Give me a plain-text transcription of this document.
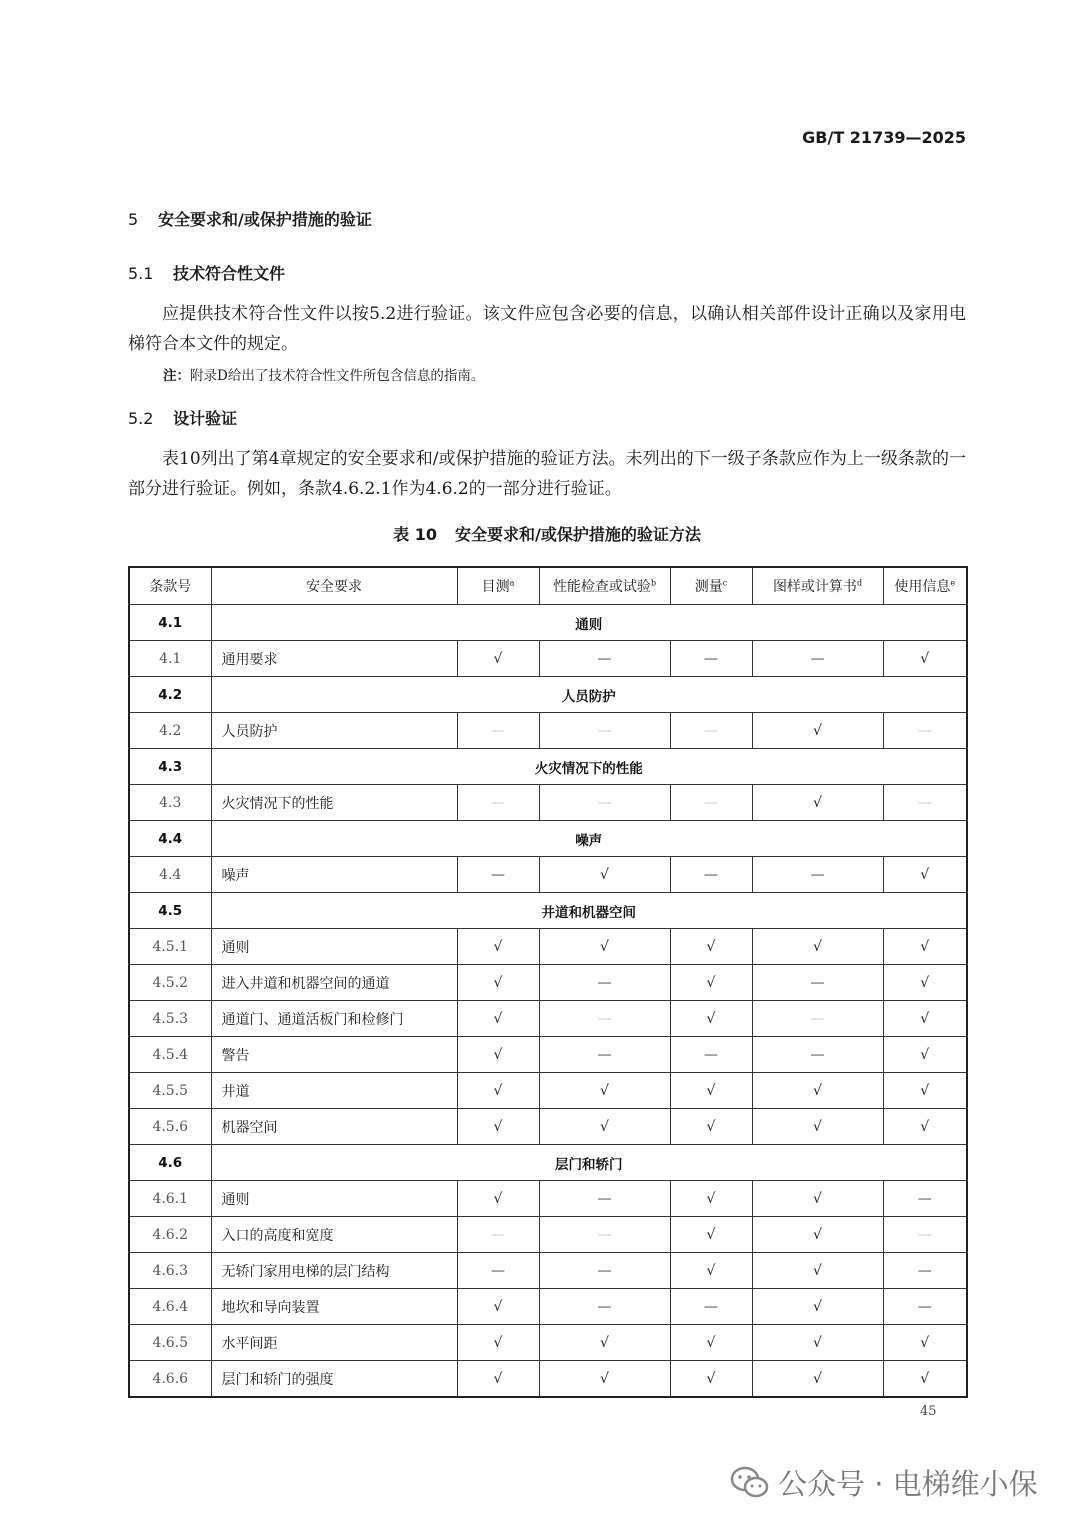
GB/T 21739—2025
5 安全要求和/或保护措施的验证
5.1 技术符合性文件
应提供技术符合性文件以按5.2进行验证。该文件应包含必要的信息，以确认相关部件设计正确以及家用电梯符合本文件的规定。
注：附录D给出了技术符合性文件所包含信息的指南。
5.2 设计验证
表10列出了第4章规定的安全要求和/或保护措施的验证方法。未列出的下一级子条款应作为上一级条款的一部分进行验证。例如，条款4.6.2.1作为4.6.2的一部分进行验证。
表 10 安全要求和/或保护措施的验证方法
条款号	安全要求	目测$^a$	性能检查或试验$^b$	测量$^c$	图样或计算书$^d$	使用信息$^e$
4.1	通则					
4.1	通用要求	√	—	—	—	√
4.2	人员防护					
4.2	人员防护	—	—	—	√	—
4.3	火灾情况下的性能					
4.3	火灾情况下的性能	—	—	—	√	—
4.4	噪声					
4.4	噪声	—	√	—	—	√
4.5	井道和机器空间					
4.5.1	通则	√	√	√	√	√
4.5.2	进入井道和机器空间的通道	√	—	√	—	√
4.5.3	通道门、通道活板门和检修门	√	—	√	—	√
4.5.4	警告	√	—	—	—	√
4.5.5	井道	√	√	√	√	√
4.5.6	机器空间	√	√	√	√	√
4.6	层门和轿门					
4.6.1	通则	√	—	√	√	—
4.6.2	入口的高度和宽度	—	—	√	√	—
4.6.3	无轿门家用电梯的层门结构	—	—	√	√	—
4.6.4	地坎和导向装置	√	—	—	√	—
4.6.5	水平间距	√	√	√	√	√
4.6.6	层门和轿门的强度	√	√	√	√	√
45
公众号 · 电梯维小保
